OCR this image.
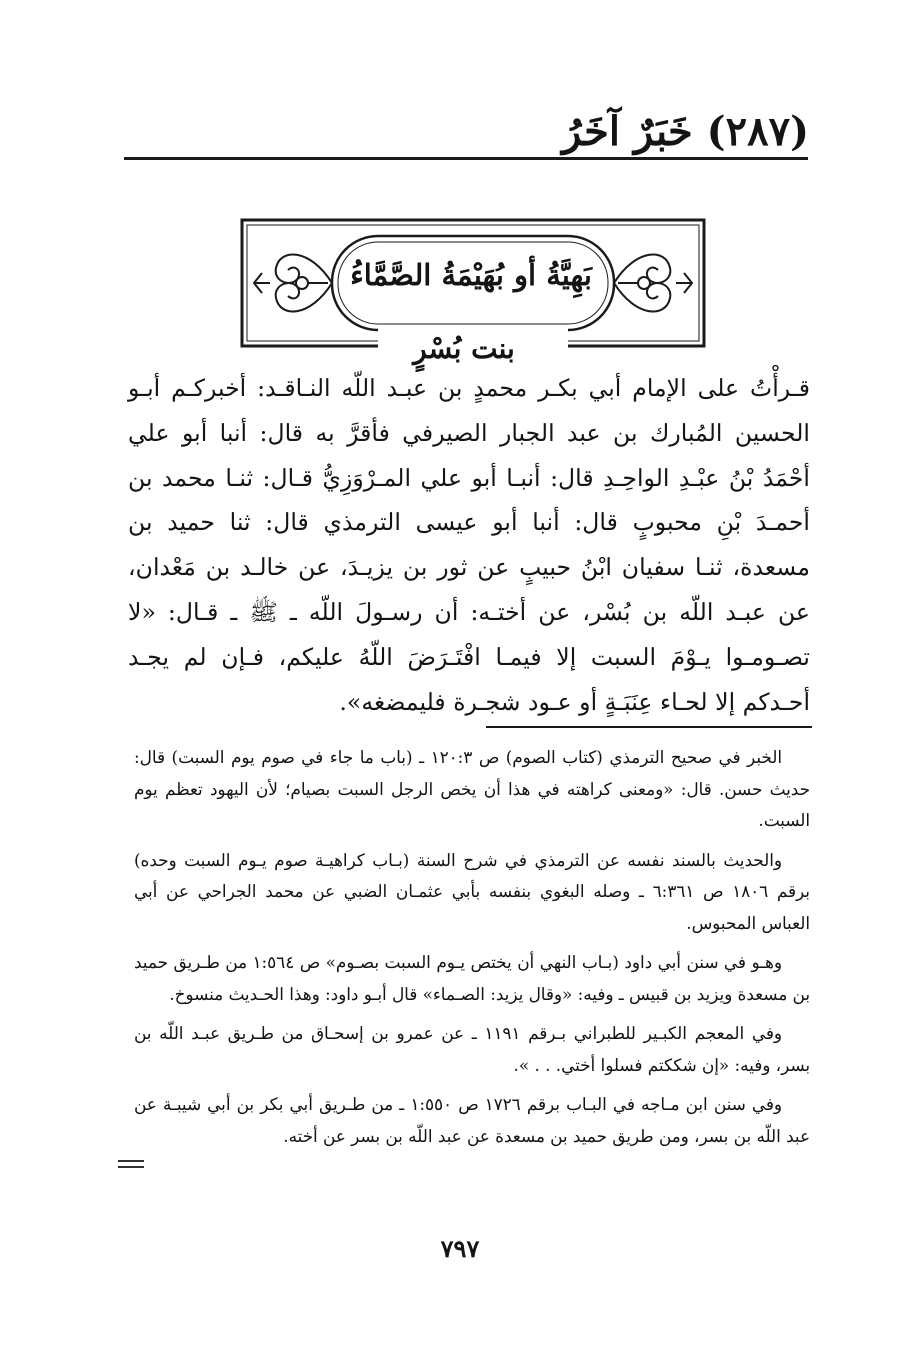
(٢٨٧) خَبَرٌ آخَرُ
بَهِيَّةُ أو بُهَيْمَةُ الصَّمَّاءُ
بنت بُسْرٍ
قـرأْتُ على الإمام أبي بكـر محمدٍ بن عبـد اللّه النـاقـد: أخبركـم أبـو الحسين المُبارك بن عبد الجبار الصيرفي فأقرَّ به قال: أنبا أبو علي أحْمَدُ بْنُ عبْـدِ الواحِـدِ قال: أنبـا أبو علي المـرْوَزِيُّ قـال: ثنـا محمد بن أحمـدَ بْنِ محبوبٍ قال: أنبا أبو عيسى الترمذي قال: ثنا حميد بن مسعدة، ثنـا سفيان ابْنُ حبيبٍ عن ثور بن يزيـدَ، عن خالـد بن مَعْدان، عن عبـد اللّه بن بُسْر، عن أختـه: أن رسـولَ اللّه ـ ﷺ ـ قـال: «لا تصـومـوا يـوْمَ السبت إلا فيمـا افْتَـرَضَ اللّهُ عليكم، فـإن لم يجـد أحـدكم إلا لحـاء عِنَبَـةٍ أو عـود شجـرة فليمضغه».

الخبر في صحيح الترمذي (كتاب الصوم) ص ١٢٠:٣ ـ (باب ما جاء في صوم يوم السبت) قال: حديث حسن. قال: «ومعنى كراهته في هذا أن يخص الرجل السبت بصيام؛ لأن اليهود تعظم يوم السبت.

والحديث بالسند نفسه عن الترمذي في شرح السنة (بـاب كراهيـة صوم يـوم السبت وحده) برقم ١٨٠٦ ص ٦:٣٦١ ـ وصله البغوي بنفسه بأبي عثمـان الضبي عن محمد الجراحي عن أبي العباس المحبوس.

وهـو في سنن أبي داود (بـاب النهي أن يختص يـوم السبت بصـوم» ص ١:٥٦٤ من طـريق حميد بن مسعدة ويزيد بن قبيس ـ وفيه: «وقال يزيد: الصـماء» قال أبـو داود: وهذا الحـديث منسوخ.

وفي المعجم الكبـير للطبراني بـرقم ١١٩١ ـ عن عمرو بن إسحـاق من طـريق عبـد اللّه بن بسر، وفيه: «إن شككتم فسلوا أختي. . . ».

وفي سنن ابن مـاجه في البـاب برقم ١٧٢٦ ص ١:٥٥٠ ـ من طـريق أبي بكر بن أبي شيبـة عن عبد اللّه بن بسر، ومن طريق حميد بن مسعدة عن عبد اللّه بن بسر عن أخته.

٧٩٧
